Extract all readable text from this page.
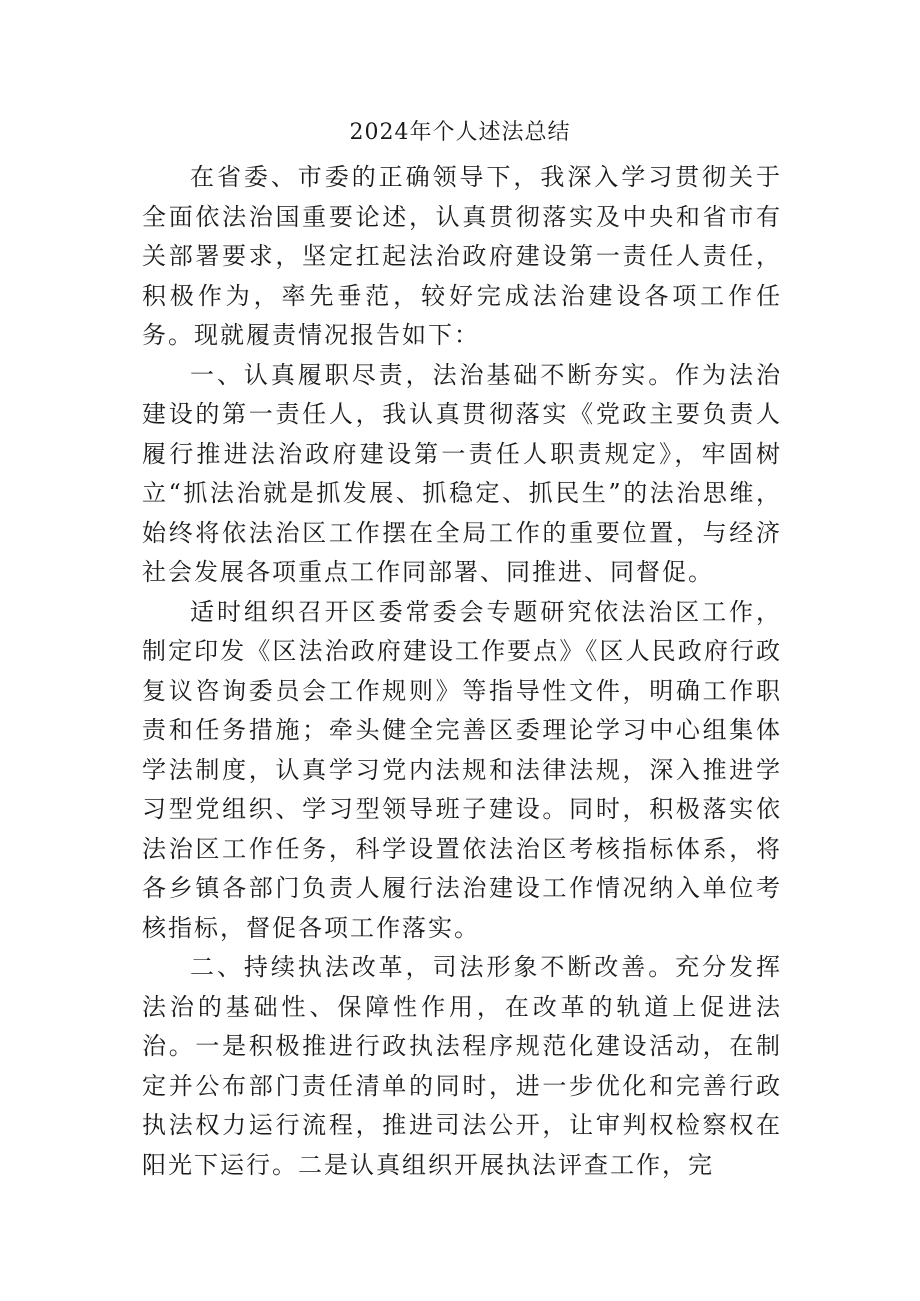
2024年个人述法总结

在省委、市委的正确领导下，我深入学习贯彻关于全面依法治国重要论述，认真贯彻落实及中央和省市有关部署要求，坚定扛起法治政府建设第一责任人责任，积极作为，率先垂范，较好完成法治建设各项工作任务。现就履责情况报告如下：

一、认真履职尽责，法治基础不断夯实。作为法治建设的第一责任人，我认真贯彻落实《党政主要负责人履行推进法治政府建设第一责任人职责规定》，牢固树立“抓法治就是抓发展、抓稳定、抓民生”的法治思维，始终将依法治区工作摆在全局工作的重要位置，与经济社会发展各项重点工作同部署、同推进、同督促。

适时组织召开区委常委会专题研究依法治区工作，制定印发《区法治政府建设工作要点》《区人民政府行政复议咨询委员会工作规则》等指导性文件，明确工作职责和任务措施；牵头健全完善区委理论学习中心组集体学法制度，认真学习党内法规和法律法规，深入推进学习型党组织、学习型领导班子建设。同时，积极落实依法治区工作任务，科学设置依法治区考核指标体系，将各乡镇各部门负责人履行法治建设工作情况纳入单位考核指标，督促各项工作落实。

二、持续执法改革，司法形象不断改善。充分发挥法治的基础性、保障性作用，在改革的轨道上促进法治。一是积极推进行政执法程序规范化建设活动，在制定并公布部门责任清单的同时，进一步优化和完善行政执法权力运行流程，推进司法公开，让审判权检察权在阳光下运行。二是认真组织开展执法评查工作，完
